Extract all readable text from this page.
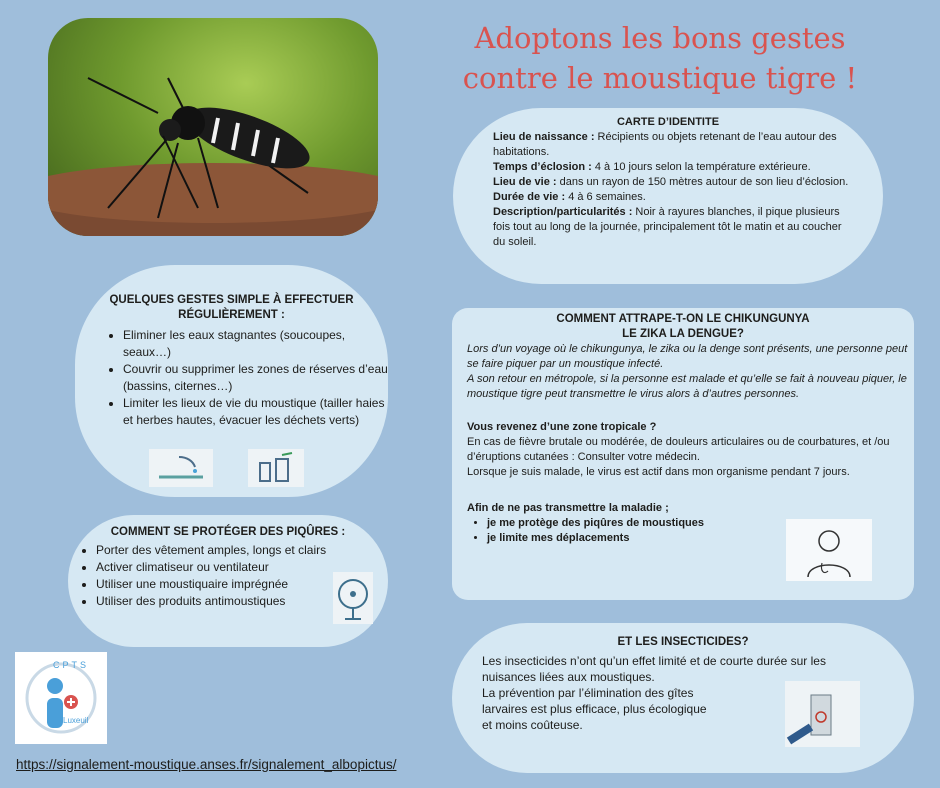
Adoptons les bons gestes
contre le moustique tigre !
CARTE D’IDENTITE
Lieu de naissance : Récipients ou objets retenant de l’eau autour des habitations.
Temps d’éclosion : 4 à 10 jours selon la température extérieure.
Lieu de vie : dans un rayon de 150 mètres autour de son lieu d’éclosion.
Durée de vie : 4 à 6 semaines.
Description/particularités : Noir à rayures blanches, il pique plusieurs fois tout au long de la journée, principalement tôt le matin et au coucher du soleil.
QUELQUES GESTES SIMPLE À EFFECTUER
RÉGULIÈREMENT :
• Eliminer les eaux stagnantes (soucoupes, seaux…)
• Couvrir ou supprimer les zones de réserves d’eau (bassins, citernes…)
• Limiter les lieux de vie du moustique (tailler haies et herbes hautes, évacuer les déchets verts)
COMMENT SE PROTÉGER DES PIQÛRES :
• Porter des vêtement amples, longs et clairs
• Activer climatiseur ou ventilateur
• Utiliser une moustiquaire imprégnée
• Utiliser des produits antimoustiques
COMMENT ATTRAPE-T-ON LE CHIKUNGUNYA
LE ZIKA LA DENGUE?
Lors d’un voyage où le chikungunya, le zika ou la denge sont présents, une personne peut se faire piquer par un moustique infecté.
A son retour en métropole, si la personne est malade et qu’elle se fait à nouveau piquer, le moustique tigre peut transmettre le virus alors à d’autres personnes.
Vous revenez d’une zone tropicale ?
En cas de fièvre brutale ou modérée, de douleurs articulaires ou de courbatures, et /ou d’éruptions cutanées : Consulter votre médecin.
Lorsque je suis malade, le virus est actif dans mon organisme pendant 7 jours.
Afin de ne pas transmettre la maladie ;
• je me protège des piqûres de moustiques
• je limite mes déplacements
ET LES INSECTICIDES?
Les insecticides n’ont qu’un effet limité et de courte durée sur les nuisances liées aux moustiques.
La prévention par l’élimination des gîtes larvaires est plus efficace, plus écologique et moins coûteuse.
CPTS
Luxeuil
https://signalement-moustique.anses.fr/signalement_albopictus/
